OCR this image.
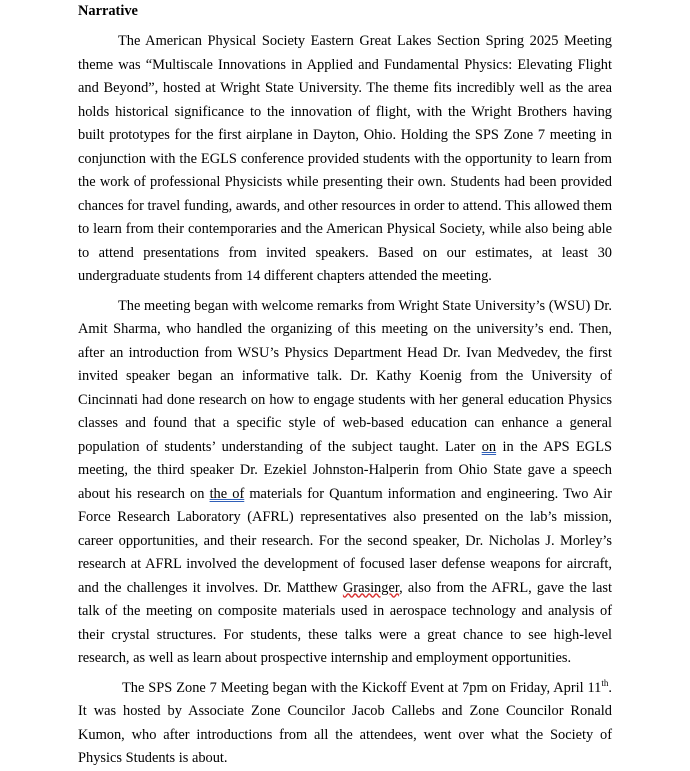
Narrative

The American Physical Society Eastern Great Lakes Section Spring 2025 Meeting theme was “Multiscale Innovations in Applied and Fundamental Physics: Elevating Flight and Beyond”, hosted at Wright State University. The theme fits incredibly well as the area holds historical significance to the innovation of flight, with the Wright Brothers having built prototypes for the first airplane in Dayton, Ohio. Holding the SPS Zone 7 meeting in conjunction with the EGLS conference provided students with the opportunity to learn from the work of professional Physicists while presenting their own. Students had been provided chances for travel funding, awards, and other resources in order to attend. This allowed them to learn from their contemporaries and the American Physical Society, while also being able to attend presentations from invited speakers. Based on our estimates, at least 30 undergraduate students from 14 different chapters attended the meeting.

The meeting began with welcome remarks from Wright State University’s (WSU) Dr. Amit Sharma, who handled the organizing of this meeting on the university’s end. Then, after an introduction from WSU’s Physics Department Head Dr. Ivan Medvedev, the first invited speaker began an informative talk. Dr. Kathy Koenig from the University of Cincinnati had done research on how to engage students with her general education Physics classes and found that a specific style of web-based education can enhance a general population of students’ understanding of the subject taught. Later on in the APS EGLS meeting, the third speaker Dr. Ezekiel Johnston-Halperin from Ohio State gave a speech about his research on the of materials for Quantum information and engineering. Two Air Force Research Laboratory (AFRL) representatives also presented on the lab’s mission, career opportunities, and their research. For the second speaker, Dr. Nicholas J. Morley’s research at AFRL involved the development of focused laser defense weapons for aircraft, and the challenges it involves. Dr. Matthew Grasinger, also from the AFRL, gave the last talk of the meeting on composite materials used in aerospace technology and analysis of their crystal structures. For students, these talks were a great chance to see high-level research, as well as learn about prospective internship and employment opportunities.

The SPS Zone 7 Meeting began with the Kickoff Event at 7pm on Friday, April 11th. It was hosted by Associate Zone Councilor Jacob Callebs and Zone Councilor Ronald Kumon, who after introductions from all the attendees, went over what the Society of Physics Students is about.
